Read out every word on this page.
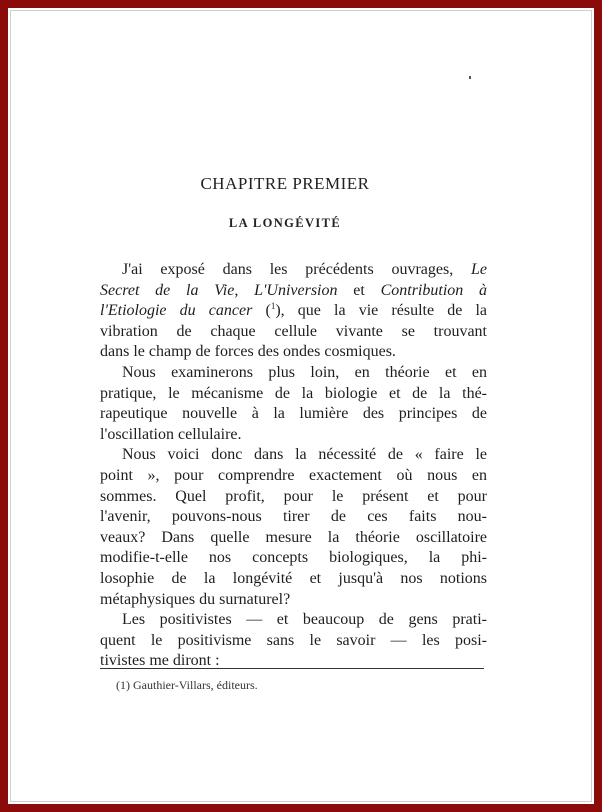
CHAPITRE PREMIER
LA LONGÉVITÉ
J'ai exposé dans les précédents ouvrages, Le
Secret de la Vie, L'Universion et Contribution à
l'Etiologie du cancer ($^1$), que la vie résulte de la
vibration de chaque cellule vivante se trouvant
dans le champ de forces des ondes cosmiques.
Nous examinerons plus loin, en théorie et en
pratique, le mécanisme de la biologie et de la thé-
rapeutique nouvelle à la lumière des principes de
l'oscillation cellulaire.
Nous voici donc dans la nécessité de « faire le
point », pour comprendre exactement où nous en
sommes. Quel profit, pour le présent et pour
l'avenir, pouvons-nous tirer de ces faits nou-
veaux? Dans quelle mesure la théorie oscillatoire
modifie-t-elle nos concepts biologiques, la phi-
losophie de la longévité et jusqu'à nos notions
métaphysiques du surnaturel?
Les positivistes — et beaucoup de gens prati-
quent le positivisme sans le savoir — les posi-
tivistes me diront :
(1) Gauthier-Villars, éditeurs.
